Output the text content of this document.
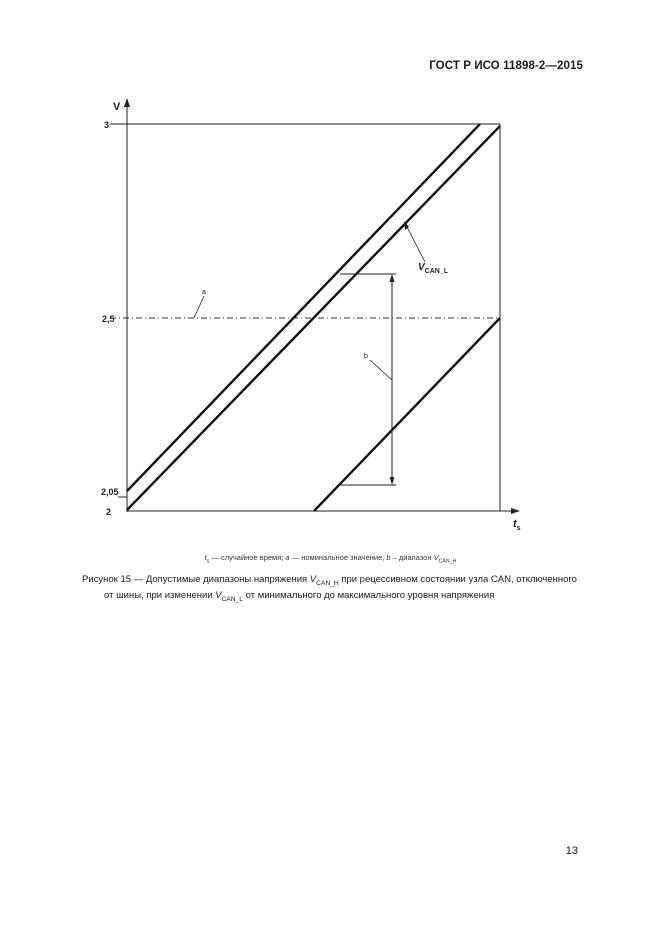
ГОСТ Р ИСО 11898-2—2015
V
3
2,5
2,05
2
$t_s$
a
b
$V_{CAN\_L}$
$t_s$ — случайное время; a — номинальное значение, b – диапазон $V_{CAN\_H}$
Рисунок 15 — Допустимые диапазоны напряжения $V_{CAN\_H}$ при рецессивном состоянии узла CAN, отключенного
от шины, при изменении $V_{CAN\_L}$ от минимального до максимального уровня напряжения
13
